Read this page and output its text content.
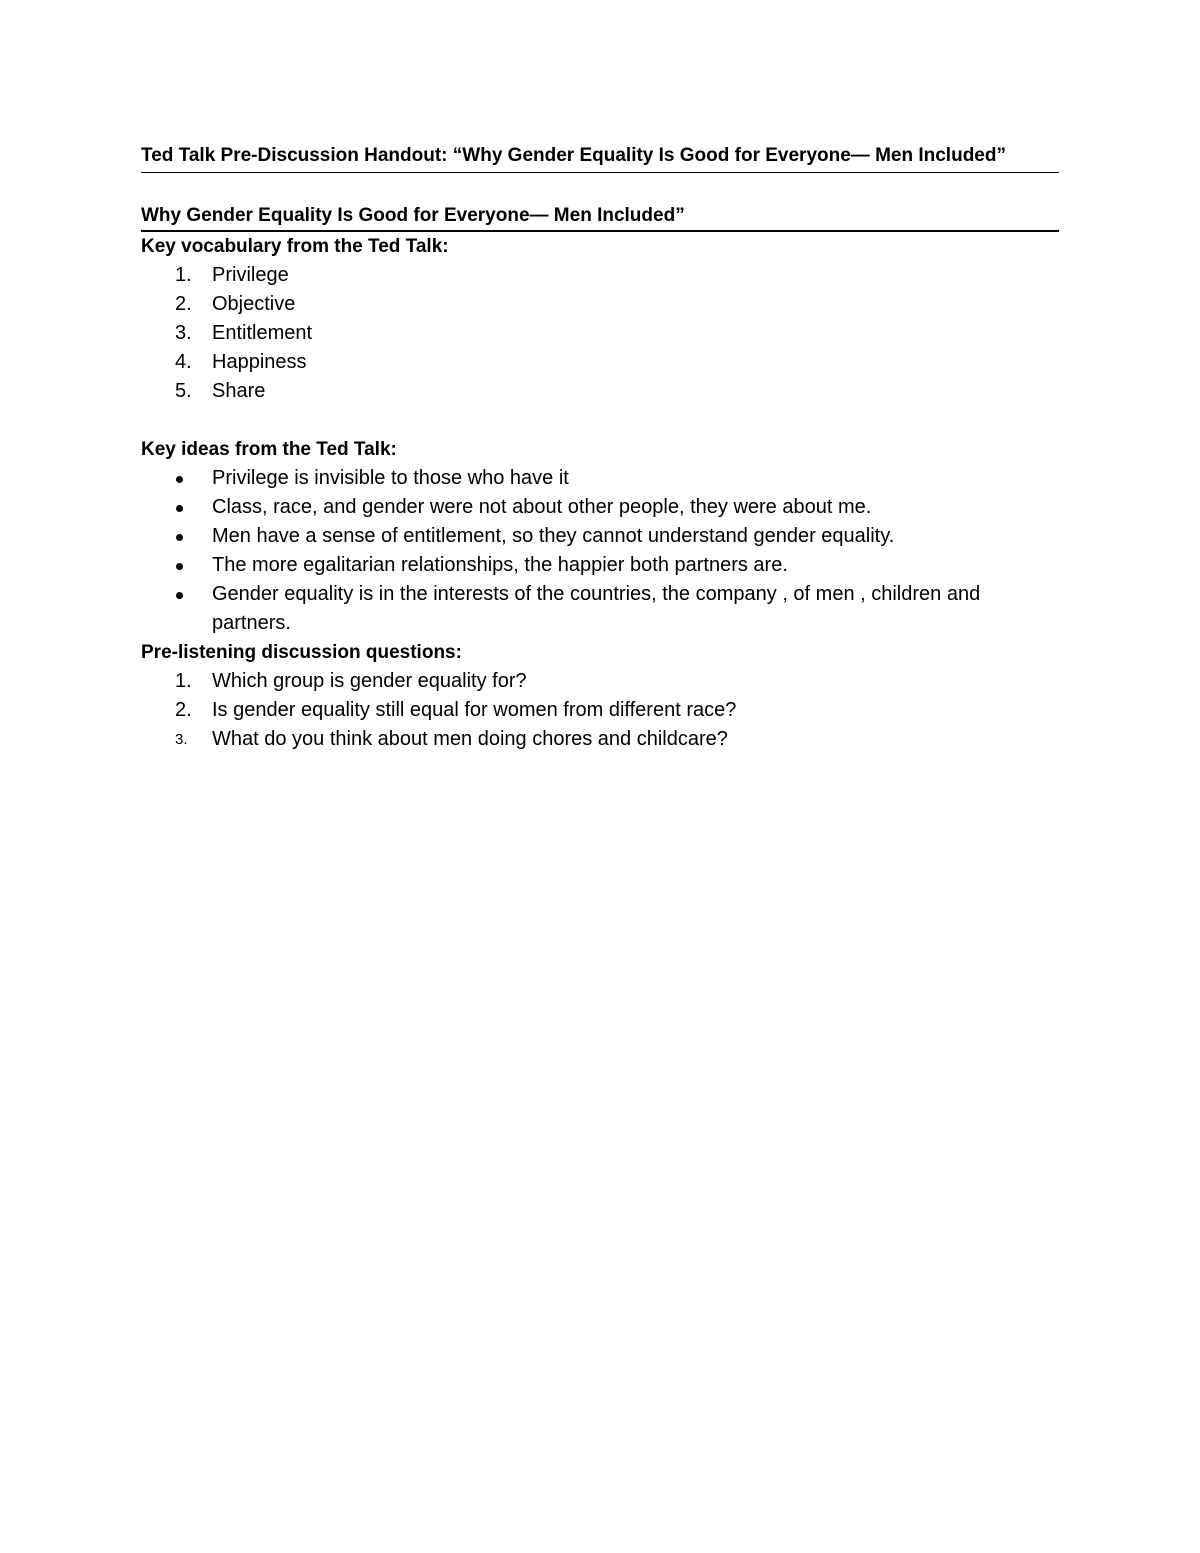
Ted Talk Pre-Discussion Handout: “Why Gender Equality Is Good for Everyone— Men Included”
Why Gender Equality Is Good for Everyone— Men Included”
Key vocabulary from the Ted Talk:
1.	Privilege
2.	Objective
3.	Entitlement
4.	Happiness
5.	Share
Key ideas from the Ted Talk:
Privilege is invisible to those who have it
Class, race, and gender were not about other people, they were about me.
Men have a sense of entitlement, so they cannot understand gender equality.
The more egalitarian relationships, the happier both partners are.
Gender equality is in the interests of the countries, the company , of men , children and partners.
Pre-listening discussion questions:
1.	Which group is gender equality for?
2.	Is gender equality still equal for women from different race?
3.	What do you think about men doing chores and childcare?
